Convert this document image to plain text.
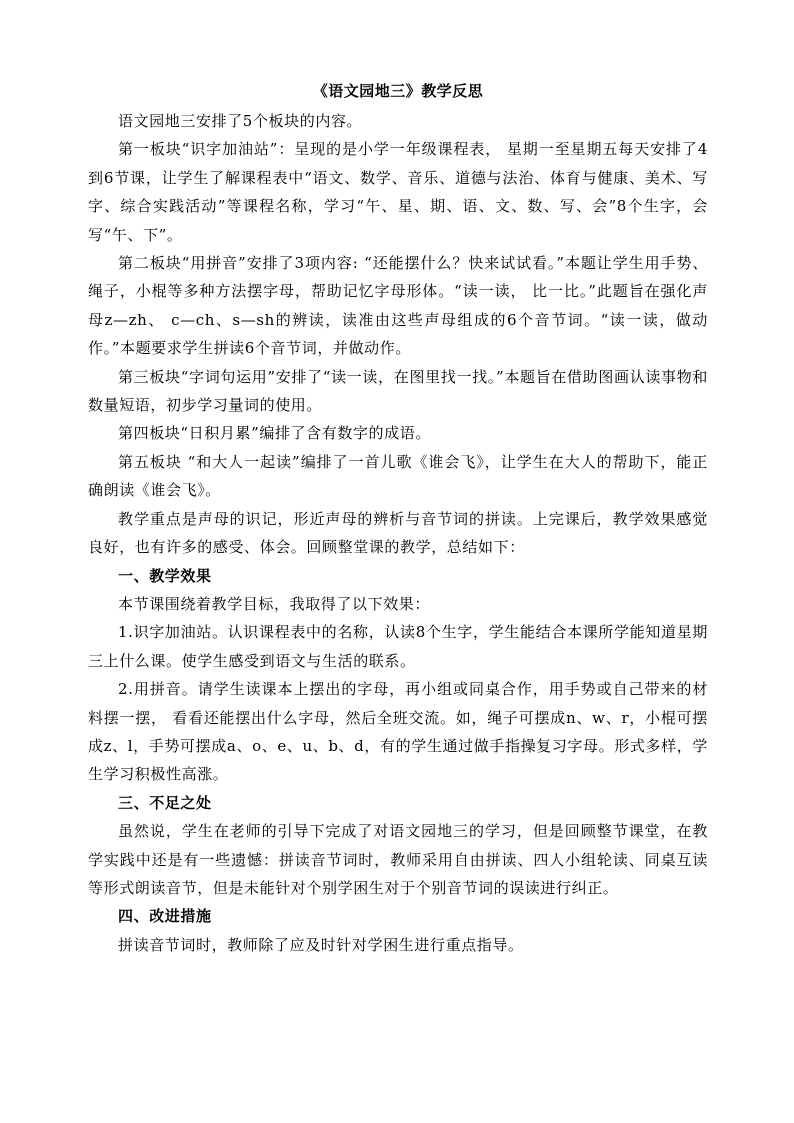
《语文园地三》教学反思

语文园地三安排了5个板块的内容。

第一板块“识字加油站”：呈现的是小学一年级课程表， 星期一至星期五每天安排了4到6节课，让学生了解课程表中“语文、数学、音乐、道德与法治、体育与健康、美术、写字、综合实践活动”等课程名称，学习“午、星、期、语、文、数、写、会”8个生字，会写“午、下”。

第二板块“用拼音”安排了3项内容: “还能摆什么？快来试试看。”本题让学生用手势、绳子，小棍等多种方法摆字母，帮助记忆字母形体。“读一读， 比一比。”此题旨在强化声母z—zh、 c—ch、s—sh的辨读，读准由这些声母组成的6个音节词。“读一读，做动作。”本题要求学生拼读6个音节词，并做动作。

第三板块“字词句运用”安排了“读一读，在图里找一找。”本题旨在借助图画认读事物和数量短语，初步学习量词的使用。

第四板块“日积月累”编排了含有数字的成语。

第五板块 “和大人一起读”编排了一首儿歌《谁会飞》，让学生在大人的帮助下，能正确朗读《谁会飞》。

教学重点是声母的识记，形近声母的辨析与音节词的拼读。上完课后，教学效果感觉良好，也有许多的感受、体会。回顾整堂课的教学，总结如下：

一、教学效果

本节课围绕着教学目标，我取得了以下效果：

1.识字加油站。认识课程表中的名称，认读8个生字，学生能结合本课所学能知道星期三上什么课。使学生感受到语文与生活的联系。

2.用拼音。请学生读课本上摆出的字母，再小组或同桌合作，用手势或自己带来的材料摆一摆， 看看还能摆出什么字母，然后全班交流。如，绳子可摆成n、w、r，小棍可摆成z、l，手势可摆成a、o、e、u、b、d，有的学生通过做手指操复习字母。形式多样，学生学习积极性高涨。

三、不足之处

虽然说，学生在老师的引导下完成了对语文园地三的学习，但是回顾整节课堂，在教学实践中还是有一些遗憾：拼读音节词时，教师采用自由拼读、四人小组轮读、同桌互读等形式朗读音节，但是未能针对个别学困生对于个别音节词的误读进行纠正。

四、改进措施

拼读音节词时，教师除了应及时针对学困生进行重点指导。
